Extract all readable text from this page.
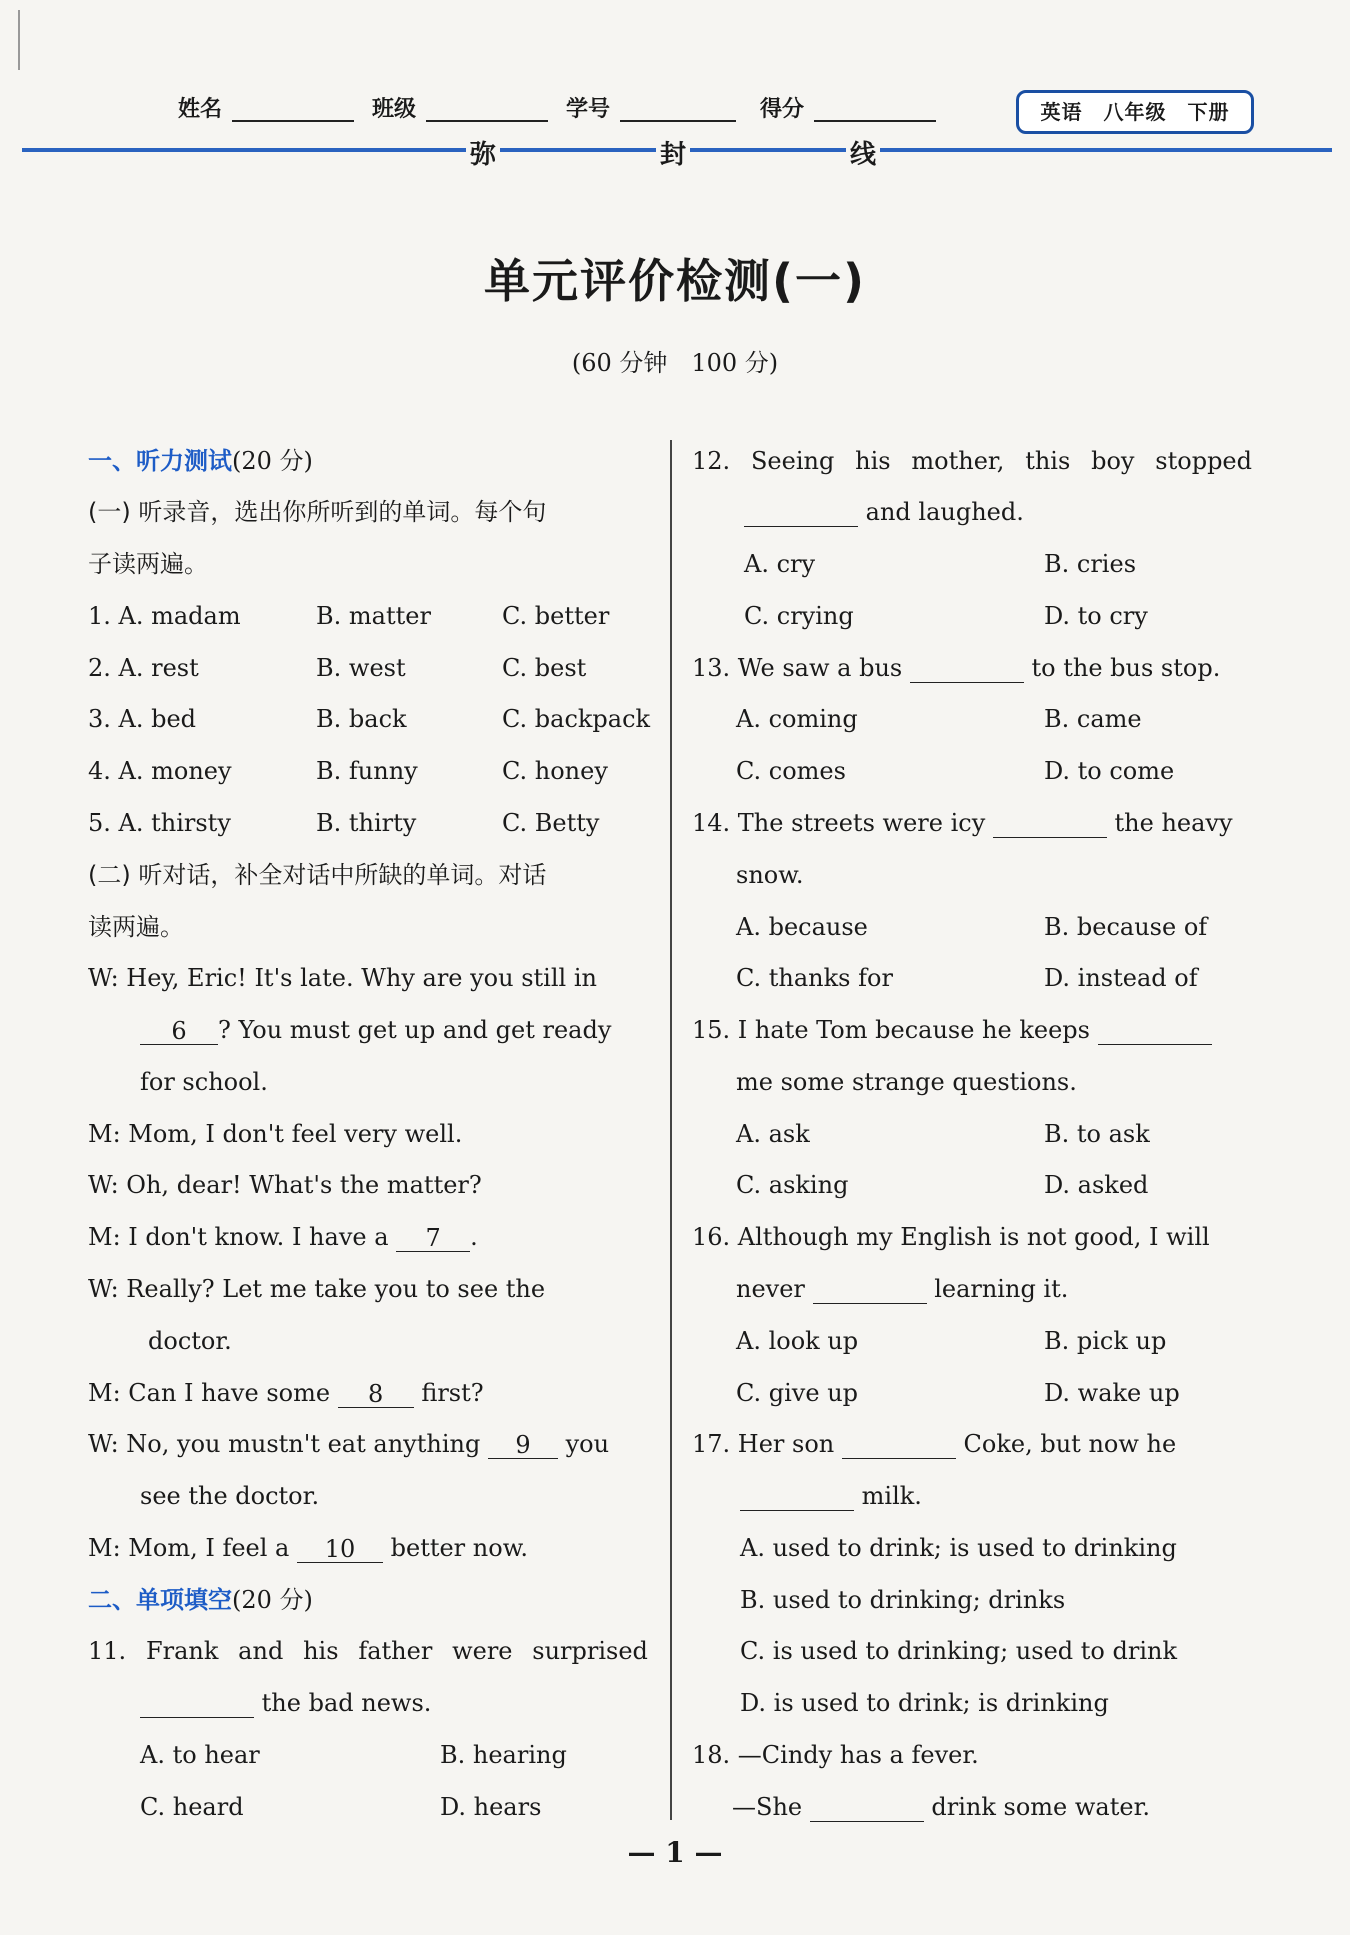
姓名	班级	学号	得分	英语　八年级　下册
弥	封	线
单元评价检测(一)
(60 分钟　100 分)
一、听力测试(20 分)
(一) 听录音，选出你所听到的单词。每个句
子读两遍。
1. A. madam	B. matter	C. better
2. A. rest	B. west	C. best
3. A. bed	B. back	C. backpack
4. A. money	B. funny	C. honey
5. A. thirsty	B. thirty	C. Betty
(二) 听对话，补全对话中所缺的单词。对话
读两遍。
W: Hey, Eric! It's late. Why are you still in
6 ? You must get up and get ready
for school.
M: Mom, I don't feel very well.
W: Oh, dear! What's the matter?
M: I don't know. I have a 7 .
W: Really? Let me take you to see the
doctor.
M: Can I have some 8 first?
W: No, you mustn't eat anything 9 you
see the doctor.
M: Mom, I feel a 10 better now.
二、单项填空(20 分)
11. Frank and his father were surprised
the bad news.
A. to hear	B. hearing
C. heard	D. hears
12. Seeing his mother, this boy stopped
and laughed.
A. cry	B. cries
C. crying	D. to cry
13. We saw a bus	to the bus stop.
A. coming	B. came
C. comes	D. to come
14. The streets were icy	the heavy
snow.
A. because	B. because of
C. thanks for	D. instead of
15. I hate Tom because he keeps
me some strange questions.
A. ask	B. to ask
C. asking	D. asked
16. Although my English is not good, I will
never	learning it.
A. look up	B. pick up
C. give up	D. wake up
17. Her son	Coke, but now he
milk.
A. used to drink; is used to drinking
B. used to drinking; drinks
C. is used to drinking; used to drink
D. is used to drink; is drinking
18. —Cindy has a fever.
—She	drink some water.
— 1 —
